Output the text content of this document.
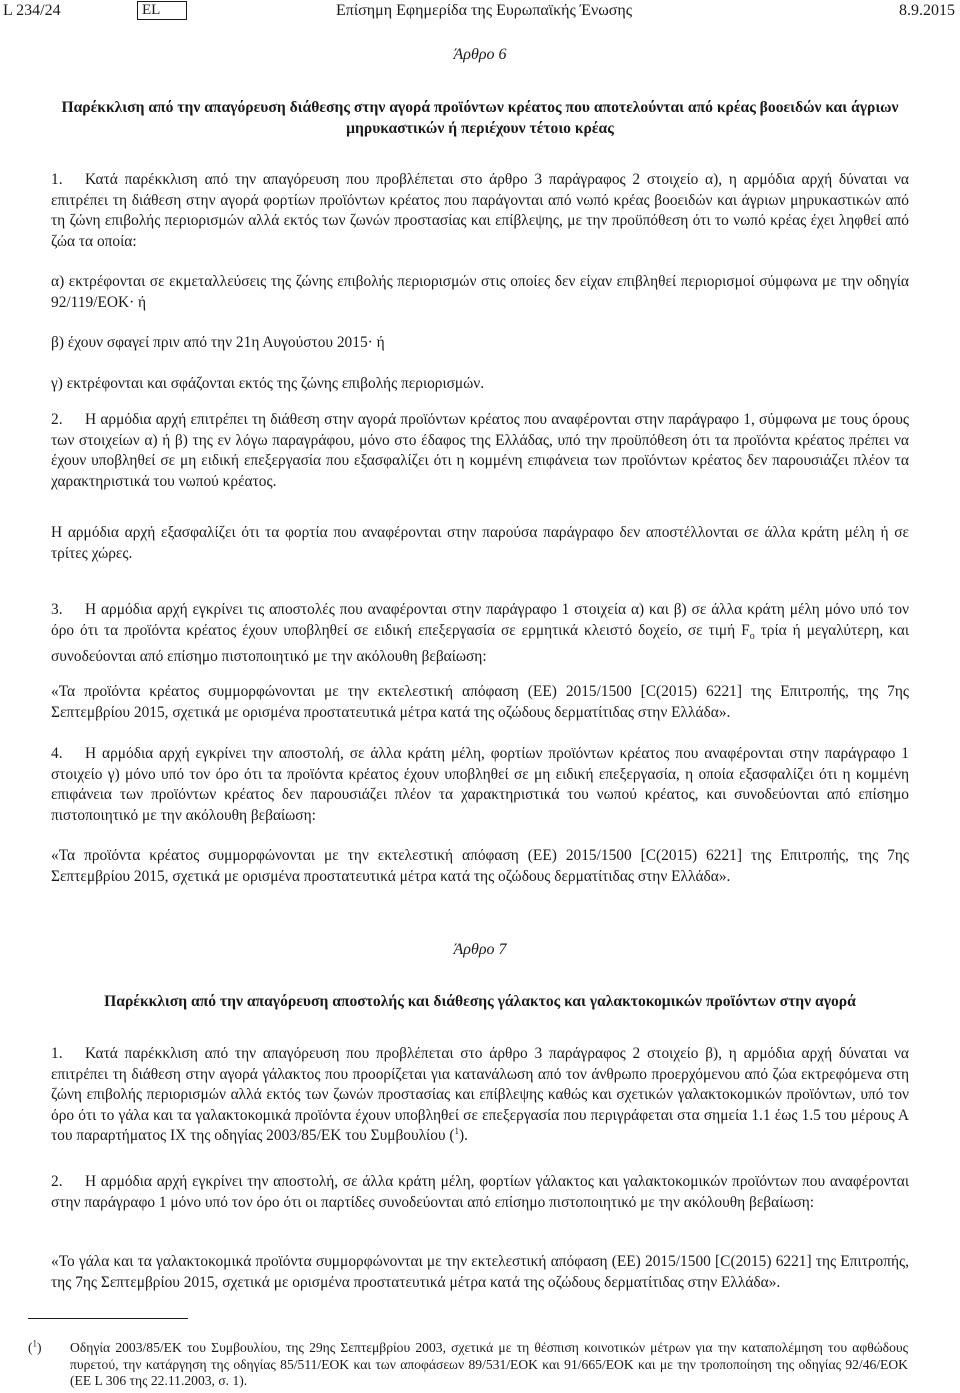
L 234/24	EL	Επίσημη Εφημερίδα της Ευρωπαϊκής Ένωσης	8.9.2015
Άρθρο 6
Παρέκκλιση από την απαγόρευση διάθεσης στην αγορά προϊόντων κρέατος που αποτελούνται από κρέας βοοειδών και άγριων μηρυκαστικών ή περιέχουν τέτοιο κρέας
1. Κατά παρέκκλιση από την απαγόρευση που προβλέπεται στο άρθρο 3 παράγραφος 2 στοιχείο α), η αρμόδια αρχή δύναται να επιτρέπει τη διάθεση στην αγορά φορτίων προϊόντων κρέατος που παράγονται από νωπό κρέας βοοειδών και άγριων μηρυκαστικών από τη ζώνη επιβολής περιορισμών αλλά εκτός των ζωνών προστασίας και επίβλεψης, με την προϋπόθεση ότι το νωπό κρέας έχει ληφθεί από ζώα τα οποία:
α) εκτρέφονται σε εκμεταλλεύσεις της ζώνης επιβολής περιορισμών στις οποίες δεν είχαν επιβληθεί περιορισμοί σύμφωνα με την οδηγία 92/119/ΕΟΚ· ή
β) έχουν σφαγεί πριν από την 21η Αυγούστου 2015· ή
γ) εκτρέφονται και σφάζονται εκτός της ζώνης επιβολής περιορισμών.
2. Η αρμόδια αρχή επιτρέπει τη διάθεση στην αγορά προϊόντων κρέατος που αναφέρονται στην παράγραφο 1, σύμφωνα με τους όρους των στοιχείων α) ή β) της εν λόγω παραγράφου, μόνο στο έδαφος της Ελλάδας, υπό την προϋπόθεση ότι τα προϊόντα κρέατος πρέπει να έχουν υποβληθεί σε μη ειδική επεξεργασία που εξασφαλίζει ότι η κομμένη επιφάνεια των προϊόντων κρέατος δεν παρουσιάζει πλέον τα χαρακτηριστικά του νωπού κρέατος.
Η αρμόδια αρχή εξασφαλίζει ότι τα φορτία που αναφέρονται στην παρούσα παράγραφο δεν αποστέλλονται σε άλλα κράτη μέλη ή σε τρίτες χώρες.
3. Η αρμόδια αρχή εγκρίνει τις αποστολές που αναφέρονται στην παράγραφο 1 στοιχεία α) και β) σε άλλα κράτη μέλη μόνο υπό τον όρο ότι τα προϊόντα κρέατος έχουν υποβληθεί σε ειδική επεξεργασία σε ερμητικά κλειστό δοχείο, σε τιμή $F_o$ τρία ή μεγαλύτερη, και συνοδεύονται από επίσημο πιστοποιητικό με την ακόλουθη βεβαίωση:
«Τα προϊόντα κρέατος συμμορφώνονται με την εκτελεστική απόφαση (ΕΕ) 2015/1500 [C(2015) 6221] της Επιτροπής, της 7ης Σεπτεμβρίου 2015, σχετικά με ορισμένα προστατευτικά μέτρα κατά της οζώδους δερματίτιδας στην Ελλάδα».
4. Η αρμόδια αρχή εγκρίνει την αποστολή, σε άλλα κράτη μέλη, φορτίων προϊόντων κρέατος που αναφέρονται στην παράγραφο 1 στοιχείο γ) μόνο υπό τον όρο ότι τα προϊόντα κρέατος έχουν υποβληθεί σε μη ειδική επεξεργασία, η οποία εξασφαλίζει ότι η κομμένη επιφάνεια των προϊόντων κρέατος δεν παρουσιάζει πλέον τα χαρακτηριστικά του νωπού κρέατος, και συνοδεύονται από επίσημο πιστοποιητικό με την ακόλουθη βεβαίωση:
«Τα προϊόντα κρέατος συμμορφώνονται με την εκτελεστική απόφαση (ΕΕ) 2015/1500 [C(2015) 6221] της Επιτροπής, της 7ης Σεπτεμβρίου 2015, σχετικά με ορισμένα προστατευτικά μέτρα κατά της οζώδους δερματίτιδας στην Ελλάδα».
Άρθρο 7
Παρέκκλιση από την απαγόρευση αποστολής και διάθεσης γάλακτος και γαλακτοκομικών προϊόντων στην αγορά
1. Κατά παρέκκλιση από την απαγόρευση που προβλέπεται στο άρθρο 3 παράγραφος 2 στοιχείο β), η αρμόδια αρχή δύναται να επιτρέπει τη διάθεση στην αγορά γάλακτος που προορίζεται για κατανάλωση από τον άνθρωπο προερχόμενου από ζώα εκτρεφόμενα στη ζώνη επιβολής περιορισμών αλλά εκτός των ζωνών προστασίας και επίβλεψης καθώς και σχετικών γαλακτοκομικών προϊόντων, υπό τον όρο ότι το γάλα και τα γαλακτοκομικά προϊόντα έχουν υποβληθεί σε επεξεργασία που περιγράφεται στα σημεία 1.1 έως 1.5 του μέρους Α του παραρτήματος IX της οδηγίας 2003/85/ΕΚ του Συμβουλίου ($^1$).
2. Η αρμόδια αρχή εγκρίνει την αποστολή, σε άλλα κράτη μέλη, φορτίων γάλακτος και γαλακτοκομικών προϊόντων που αναφέρονται στην παράγραφο 1 μόνο υπό τον όρο ότι οι παρτίδες συνοδεύονται από επίσημο πιστοποιητικό με την ακόλουθη βεβαίωση:
«Το γάλα και τα γαλακτοκομικά προϊόντα συμμορφώνονται με την εκτελεστική απόφαση (ΕΕ) 2015/1500 [C(2015) 6221] της Επιτροπής, της 7ης Σεπτεμβρίου 2015, σχετικά με ορισμένα προστατευτικά μέτρα κατά της οζώδους δερματίτιδας στην Ελλάδα».
($^1$) Οδηγία 2003/85/ΕΚ του Συμβουλίου, της 29ης Σεπτεμβρίου 2003, σχετικά με τη θέσπιση κοινοτικών μέτρων για την καταπολέμηση του αφθώδους πυρετού, την κατάργηση της οδηγίας 85/511/ΕΟΚ και των αποφάσεων 89/531/ΕΟΚ και 91/665/ΕΟΚ και με την τροποποίηση της οδηγίας 92/46/ΕΟΚ (ΕΕ L 306 της 22.11.2003, σ. 1).
